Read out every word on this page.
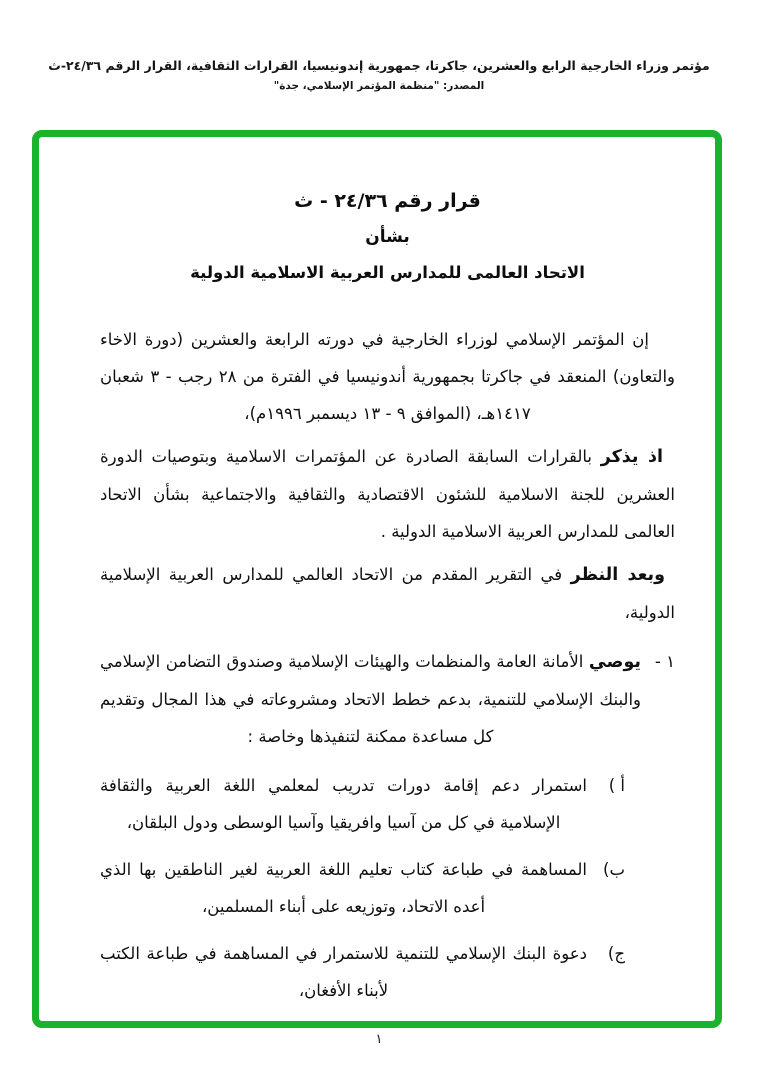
مؤتمر وزراء الخارجية الرابع والعشرين، جاكرتا، جمهورية إندونيسيا، القرارات الثقافية، القرار الرقم ٢٤/٣٦-ث
المصدر: "منظمة المؤتمر الإسلامي، جدة"
قرار رقم ٢٤/٣٦ - ث
بشأن
الاتحاد العالمى للمدارس العربية الاسلامية الدولية

إن المؤتمر الإسلامي لوزراء الخارجية في دورته الرابعة والعشرين (دورة الاخاء والتعاون) المنعقد في جاكرتا بجمهورية أندونيسيا في الفترة من ٢٨ رجب - ٣ شعبان ١٤١٧هـ، (الموافق ٩ - ١٣ ديسمبر ١٩٩٦م)،

اذ يذكر بالقرارات السابقة الصادرة عن المؤتمرات الاسلامية وبتوصيات الدورة العشرين للجنة الاسلامية للشئون الاقتصادية والثقافية والاجتماعية بشأن الاتحاد العالمى للمدارس العربية الاسلامية الدولية .

وبعد النظر في التقرير المقدم من الاتحاد العالمي للمدارس العربية الإسلامية الدولية،

١ -

يوصي الأمانة العامة والمنظمات والهيئات الإسلامية وصندوق التضامن الإسلامي والبنك الإسلامي للتنمية، بدعم خطط الاتحاد ومشروعاته في هذا المجال وتقديم كل مساعدة ممكنة لتنفيذها وخاصة :

أ )

استمرار دعم إقامة دورات تدريب لمعلمي اللغة العربية والثقافة الإسلامية في كل من آسيا وافريقيا وآسيا الوسطى ودول البلقان،

ب)

المساهمة في طباعة كتاب تعليم اللغة العربية لغير الناطقين بها الذي أعده الاتحاد، وتوزيعه على أبناء المسلمين،

ج)

دعوة البنك الإسلامي للتنمية للاستمرار في المساهمة في طباعة الكتب لأبناء الأفغان،

١
